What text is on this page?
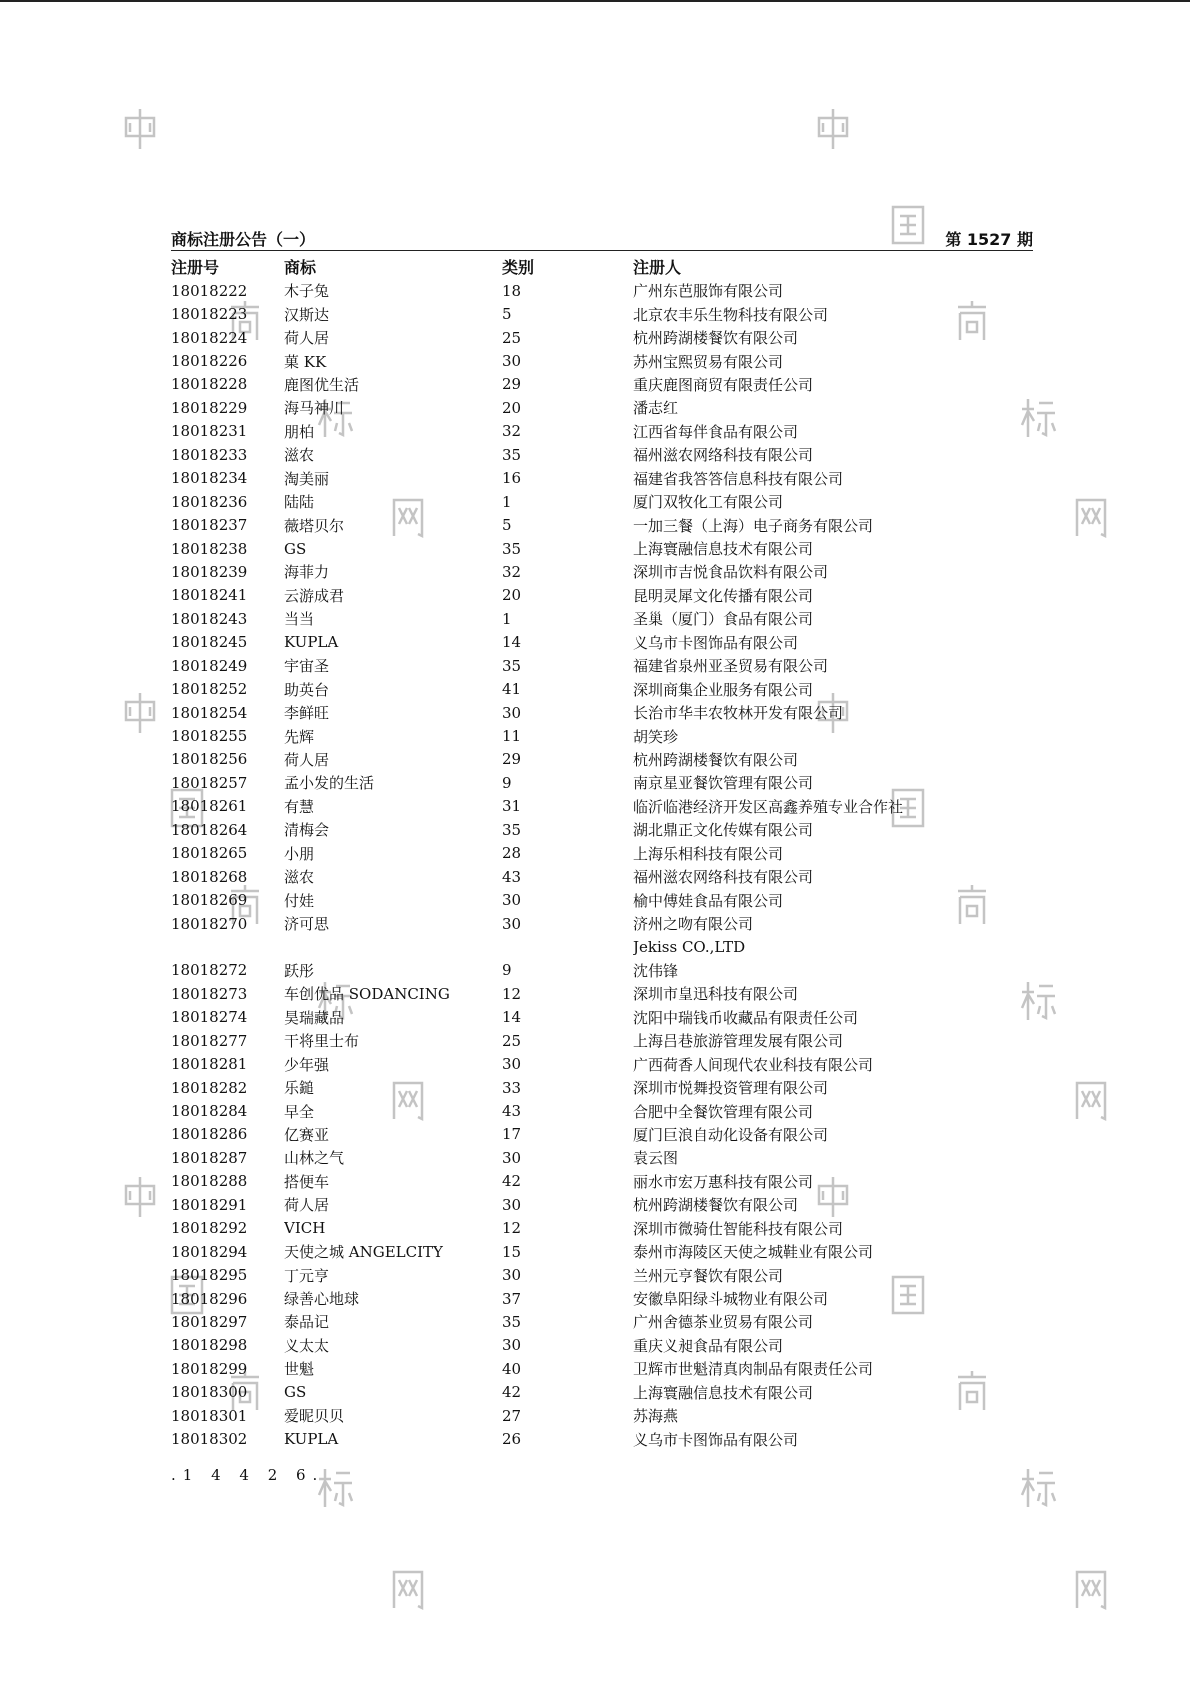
商标注册公告（一）	第 1527 期
注册号	商标	类别	注册人
18018222	木子兔	18	广州东芭服饰有限公司
18018223	汉斯达	5	北京农丰乐生物科技有限公司
18018224	荷人居	25	杭州跨湖楼餐饮有限公司
18018226	菓 KK	30	苏州宝熙贸易有限公司
18018228	鹿图优生活	29	重庆鹿图商贸有限责任公司
18018229	海马神川	20	潘志红
18018231	朋柏	32	江西省每伴食品有限公司
18018233	滋农	35	福州滋农网络科技有限公司
18018234	淘美丽	16	福建省我答答信息科技有限公司
18018236	陆陆	1	厦门双牧化工有限公司
18018237	薇塔贝尔	5	一加三餐（上海）电子商务有限公司
18018238	GS	35	上海寰融信息技术有限公司
18018239	海菲力	32	深圳市吉悦食品饮料有限公司
18018241	云游成君	20	昆明灵犀文化传播有限公司
18018243	当当	1	圣巢（厦门）食品有限公司
18018245	KUPLA	14	义乌市卡图饰品有限公司
18018249	宇宙圣	35	福建省泉州亚圣贸易有限公司
18018252	助英台	41	深圳商集企业服务有限公司
18018254	李鲜旺	30	长治市华丰农牧林开发有限公司
18018255	先辉	11	胡笑珍
18018256	荷人居	29	杭州跨湖楼餐饮有限公司
18018257	孟小发的生活	9	南京星亚餐饮管理有限公司
18018261	有慧	31	临沂临港经济开发区高鑫养殖专业合作社
18018264	清梅会	35	湖北鼎正文化传媒有限公司
18018265	小朋	28	上海乐相科技有限公司
18018268	滋农	43	福州滋农网络科技有限公司
18018269	付娃	30	榆中傅娃食品有限公司
18018270	济可思	30	济州之吻有限公司
Jekiss CO.,LTD
18018272	跃彤	9	沈伟锋
18018273	车创优品 SODANCING	12	深圳市皇迅科技有限公司
18018274	昊瑞藏品	14	沈阳中瑞钱币收藏品有限责任公司
18018277	干将里士布	25	上海吕巷旅游管理发展有限公司
18018281	少年强	30	广西荷香人间现代农业科技有限公司
18018282	乐鎚	33	深圳市悦舞投资管理有限公司
18018284	早全	43	合肥中全餐饮管理有限公司
18018286	亿赛亚	17	厦门巨浪自动化设备有限公司
18018287	山林之气	30	袁云图
18018288	搭便车	42	丽水市宏万惠科技有限公司
18018291	荷人居	30	杭州跨湖楼餐饮有限公司
18018292	VICH	12	深圳市微骑仕智能科技有限公司
18018294	天使之城 ANGELCITY	15	泰州市海陵区天使之城鞋业有限公司
18018295	丁元亨	30	兰州元亨餐饮有限公司
18018296	绿善心地球	37	安徽阜阳绿斗城物业有限公司
18018297	泰品记	35	广州舍德茶业贸易有限公司
18018298	义太太	30	重庆义昶食品有限公司
18018299	世魁	40	卫辉市世魁清真肉制品有限责任公司
18018300	GS	42	上海寰融信息技术有限公司
18018301	爱昵贝贝	27	苏海燕
18018302	KUPLA	26	义乌市卡图饰品有限公司
.1 4 4 2 6.
